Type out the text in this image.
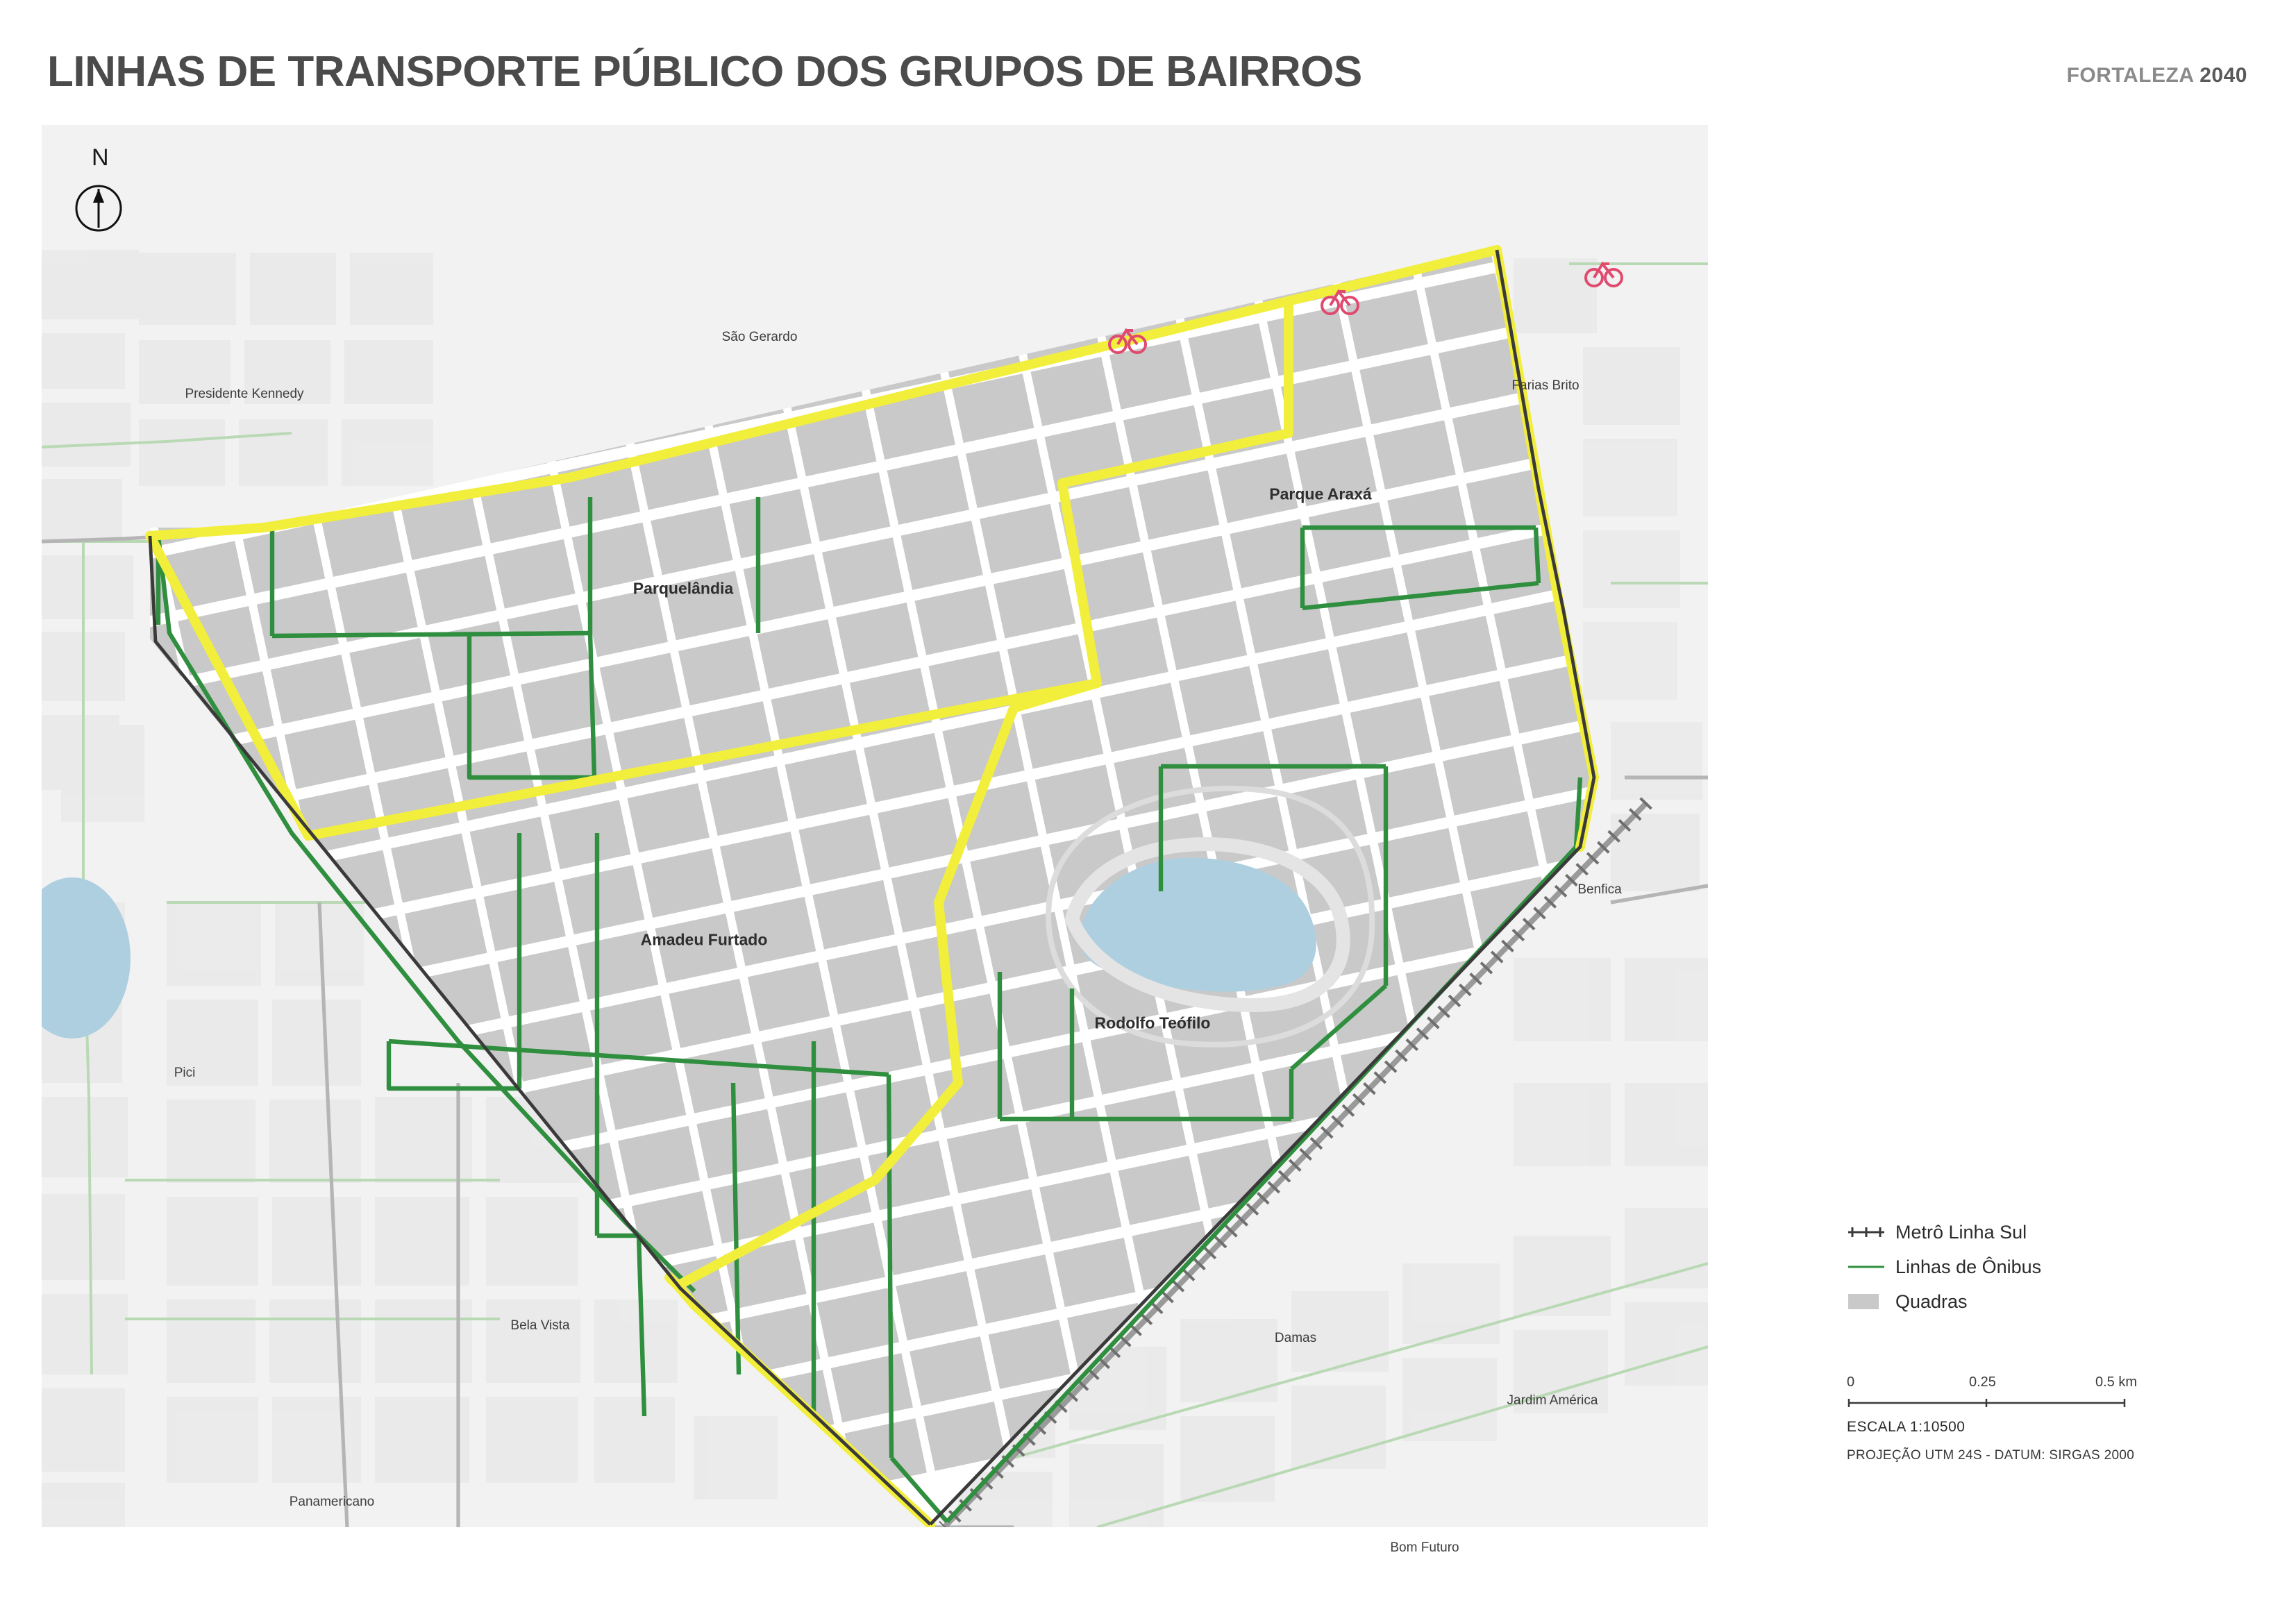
LINHAS DE TRANSPORTE PÚBLICO DOS GRUPOS DE BAIRROS	FORTALEZA 2040
Presidente Kennedy
São Gerardo
Farias Brito
Parque Araxá
Parquelândia
Amadeu Furtado
Rodolfo Teófilo
Benfica
Pici
Bela Vista
Damas
Jardim América
Panamericano
Bom Futuro
N
Metrô Linha Sul
Linhas de Ônibus
Quadras
0	0.25	0.5 km
ESCALA 1:10500
PROJEÇÃO UTM 24S - DATUM: SIRGAS 2000
